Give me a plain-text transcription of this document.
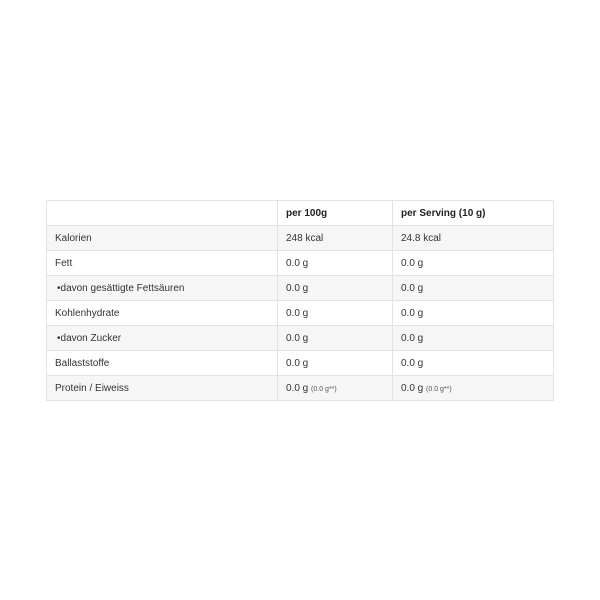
	per 100g	per Serving (10 g)
Kalorien	248 kcal	24.8 kcal
Fett	0.0 g	0.0 g
•davon gesättigte Fettsäuren	0.0 g	0.0 g
Kohlenhydrate	0.0 g	0.0 g
•davon Zucker	0.0 g	0.0 g
Ballaststoffe	0.0 g	0.0 g
Protein / Eiweiss	0.0 g (0.0 g**)	0.0 g (0.0 g**)
